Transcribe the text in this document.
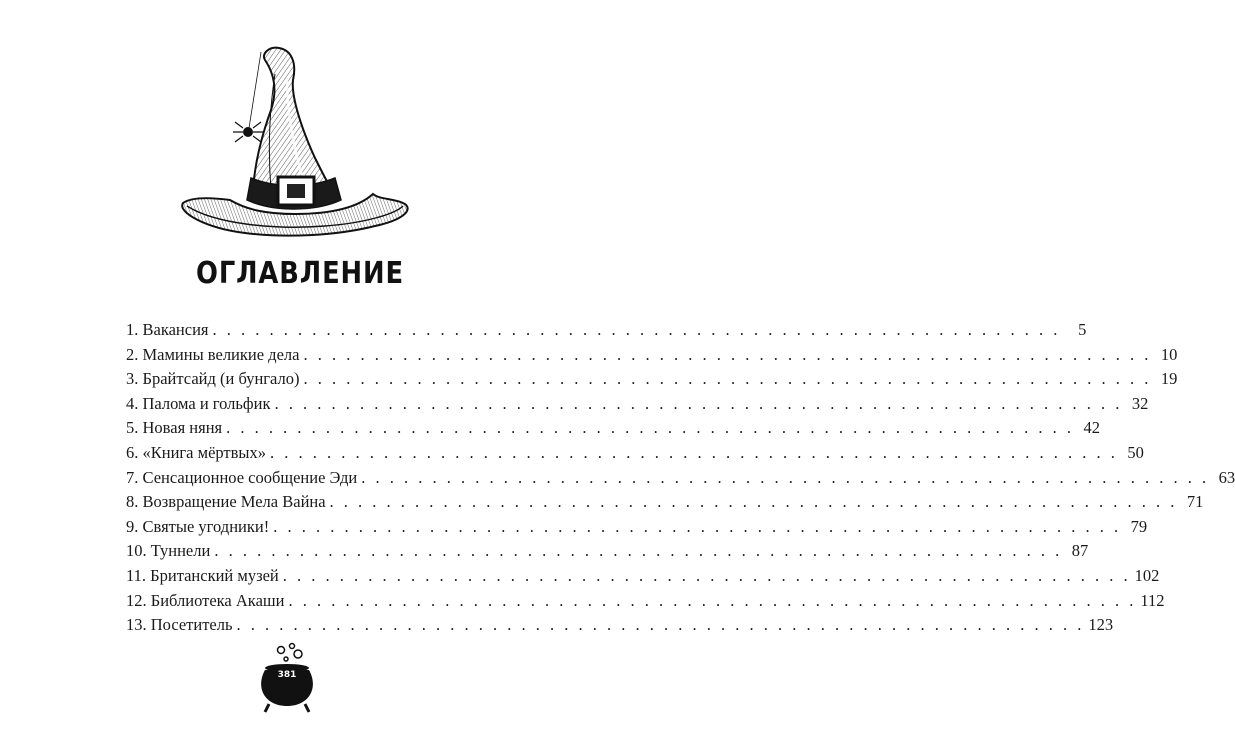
ОГЛАВЛЕНИЕ
1. Вакансия . . . . . . . . . . . . . . . . . . . . . . . . . . . . . . . . . . . . . . . . . . . . . . . . . . . . . . . . . . . .	5
2. Мамины великие дела . . . . . . . . . . . . . . . . . . . . . . . . . . . . . . . . . . . . . . . . . . . . . . . . . . . . . . . . . . . . 10
3. Брайтсайд (и бунгало) . . . . . . . . . . . . . . . . . . . . . . . . . . . . . . . . . . . . . . . . . . . . . . . . . . . . . . . . . . . . 19
4. Палома и гольфик . . . . . . . . . . . . . . . . . . . . . . . . . . . . . . . . . . . . . . . . . . . . . . . . . . . . . . . . . . . . 32
5. Новая няня . . . . . . . . . . . . . . . . . . . . . . . . . . . . . . . . . . . . . . . . . . . . . . . . . . . . . . . . . . . . 42
6. «Книга мёртвых» . . . . . . . . . . . . . . . . . . . . . . . . . . . . . . . . . . . . . . . . . . . . . . . . . . . . . . . . . . . . 50
7. Сенсационное сообщение Эди . . . . . . . . . . . . . . . . . . . . . . . . . . . . . . . . . . . . . . . . . . . . . . . . . . . . . . . . . . . . 63
8. Возвращение Мела Вайна . . . . . . . . . . . . . . . . . . . . . . . . . . . . . . . . . . . . . . . . . . . . . . . . . . . . . . . . . . . . 71
9. Святые угодники! . . . . . . . . . . . . . . . . . . . . . . . . . . . . . . . . . . . . . . . . . . . . . . . . . . . . . . . . . . . . 79
10. Туннели . . . . . . . . . . . . . . . . . . . . . . . . . . . . . . . . . . . . . . . . . . . . . . . . . . . . . . . . . . . . 87
11. Британский музей . . . . . . . . . . . . . . . . . . . . . . . . . . . . . . . . . . . . . . . . . . . . . . . . . . . . . . . . . . . . 102
12. Библиотека Акаши . . . . . . . . . . . . . . . . . . . . . . . . . . . . . . . . . . . . . . . . . . . . . . . . . . . . . . . . . . . . 112
13. Посетитель . . . . . . . . . . . . . . . . . . . . . . . . . . . . . . . . . . . . . . . . . . . . . . . . . . . . . . . . . . . . 123
381
